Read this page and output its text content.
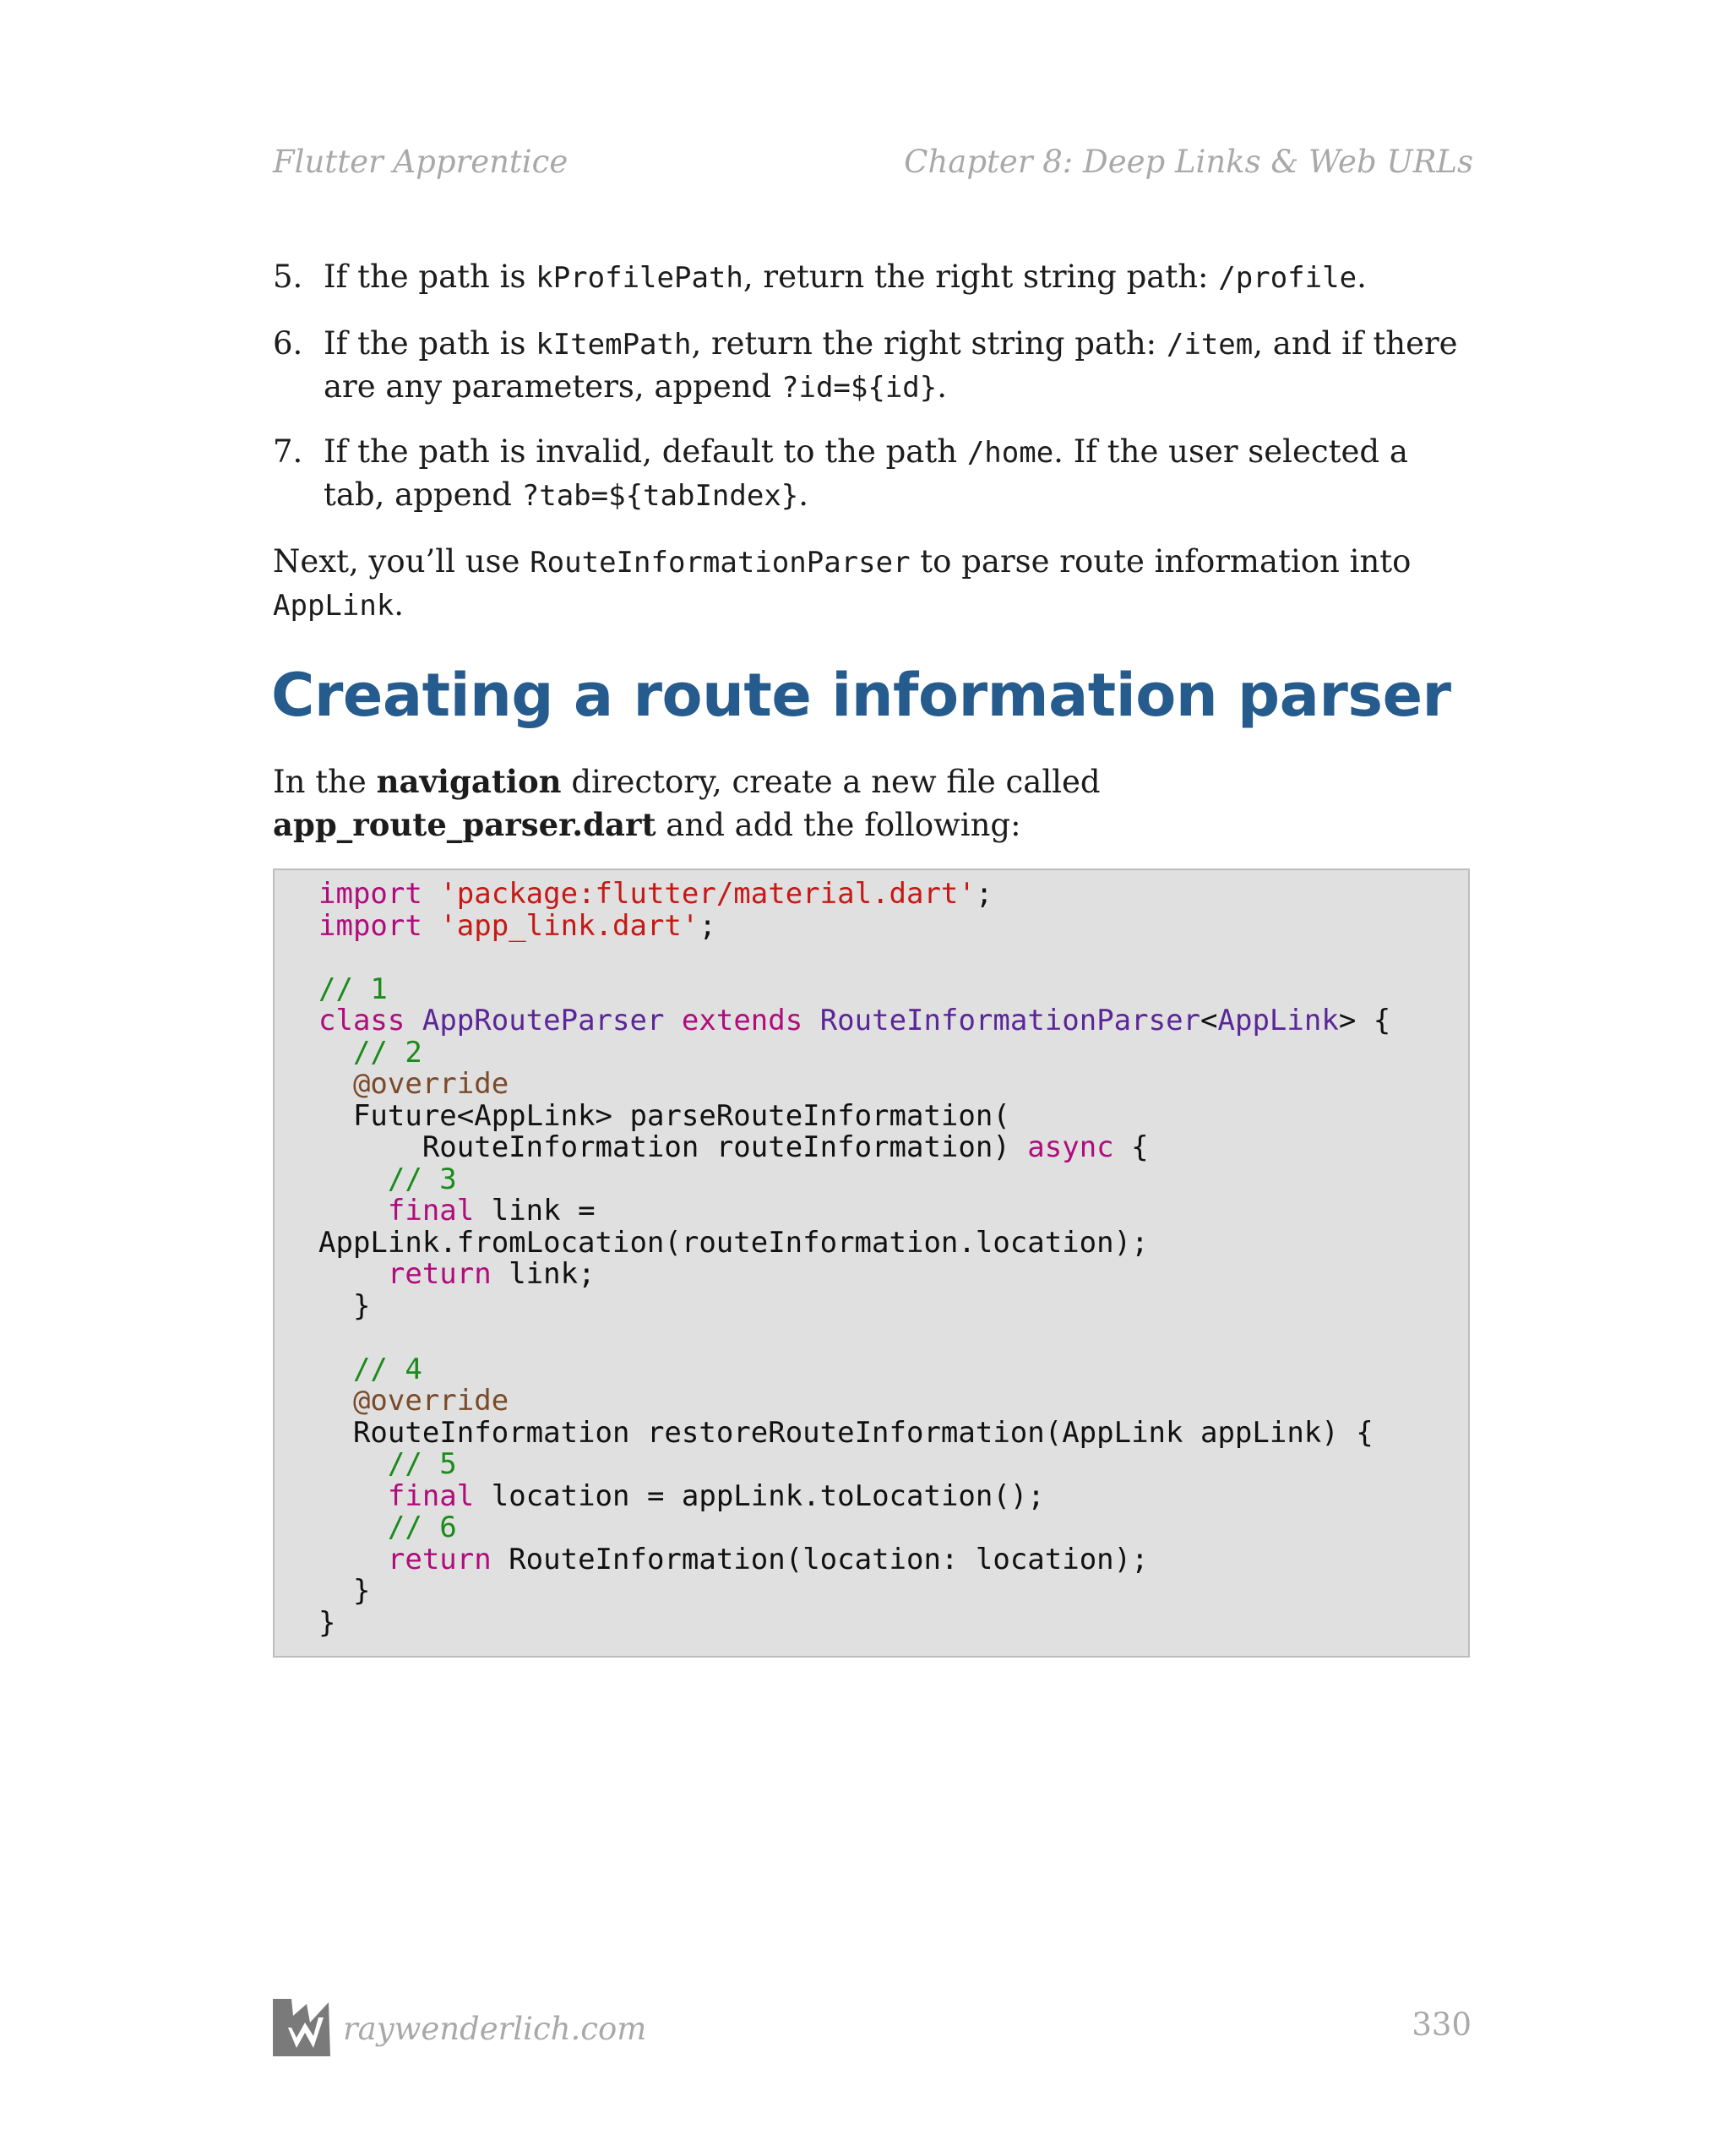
Flutter Apprentice	Chapter 8: Deep Links & Web URLs
5. If the path is kProfilePath, return the right string path: /profile.
6. If the path is kItemPath, return the right string path: /item, and if there are any parameters, append ?id=${id}.
7. If the path is invalid, default to the path /home. If the user selected a tab, append ?tab=${tabIndex}.
Next, you’ll use RouteInformationParser to parse route information into AppLink.
Creating a route information parser
In the navigation directory, create a new file called app_route_parser.dart and add the following:
import 'package:flutter/material.dart';
import 'app_link.dart';

// 1
class AppRouteParser extends RouteInformationParser<AppLink> {
// 2
@override
Future<AppLink> parseRouteInformation(
RouteInformation routeInformation) async {
// 3
final link =
AppLink.fromLocation(routeInformation.location);
return link;
}

// 4
@override
RouteInformation restoreRouteInformation(AppLink appLink) {
// 5
final location = appLink.toLocation();
// 6
return RouteInformation(location: location);
}
}
raywenderlich.com	330
